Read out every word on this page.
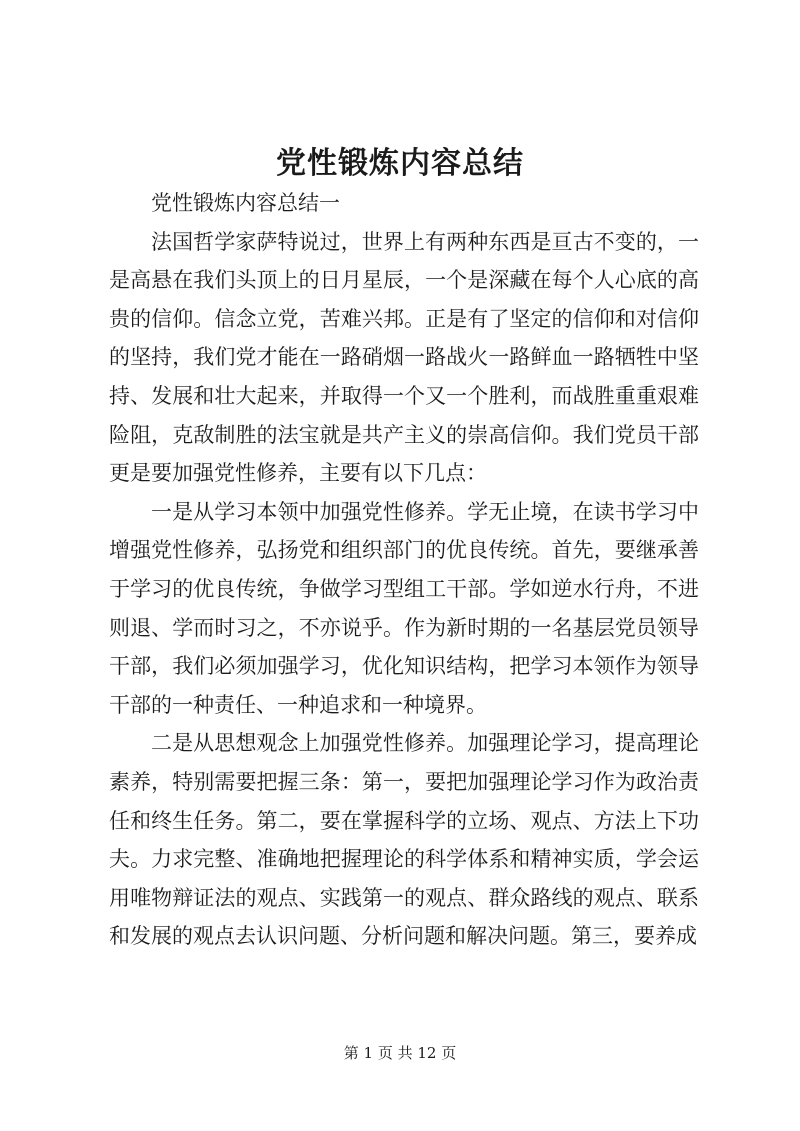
党性锻炼内容总结

党性锻炼内容总结一

法国哲学家萨特说过，世界上有两种东西是亘古不变的，一是高悬在我们头顶上的日月星辰，一个是深藏在每个人心底的高贵的信仰。信念立党，苦难兴邦。正是有了坚定的信仰和对信仰的坚持，我们党才能在一路硝烟一路战火一路鲜血一路牺牲中坚持、发展和壮大起来，并取得一个又一个胜利，而战胜重重艰难险阻，克敌制胜的法宝就是共产主义的崇高信仰。我们党员干部更是要加强党性修养，主要有以下几点：

一是从学习本领中加强党性修养。学无止境，在读书学习中增强党性修养，弘扬党和组织部门的优良传统。首先，要继承善于学习的优良传统，争做学习型组工干部。学如逆水行舟，不进则退、学而时习之，不亦说乎。作为新时期的一名基层党员领导干部，我们必须加强学习，优化知识结构，把学习本领作为领导干部的一种责任、一种追求和一种境界。

二是从思想观念上加强党性修养。加强理论学习，提高理论素养，特别需要把握三条：第一，要把加强理论学习作为政治责任和终生任务。第二，要在掌握科学的立场、观点、方法上下功夫。力求完整、准确地把握理论的科学体系和精神实质，学会运用唯物辩证法的观点、实践第一的观点、群众路线的观点、联系和发展的观点去认识问题、分析问题和解决问题。第三，要养成

第 1 页 共 12 页
